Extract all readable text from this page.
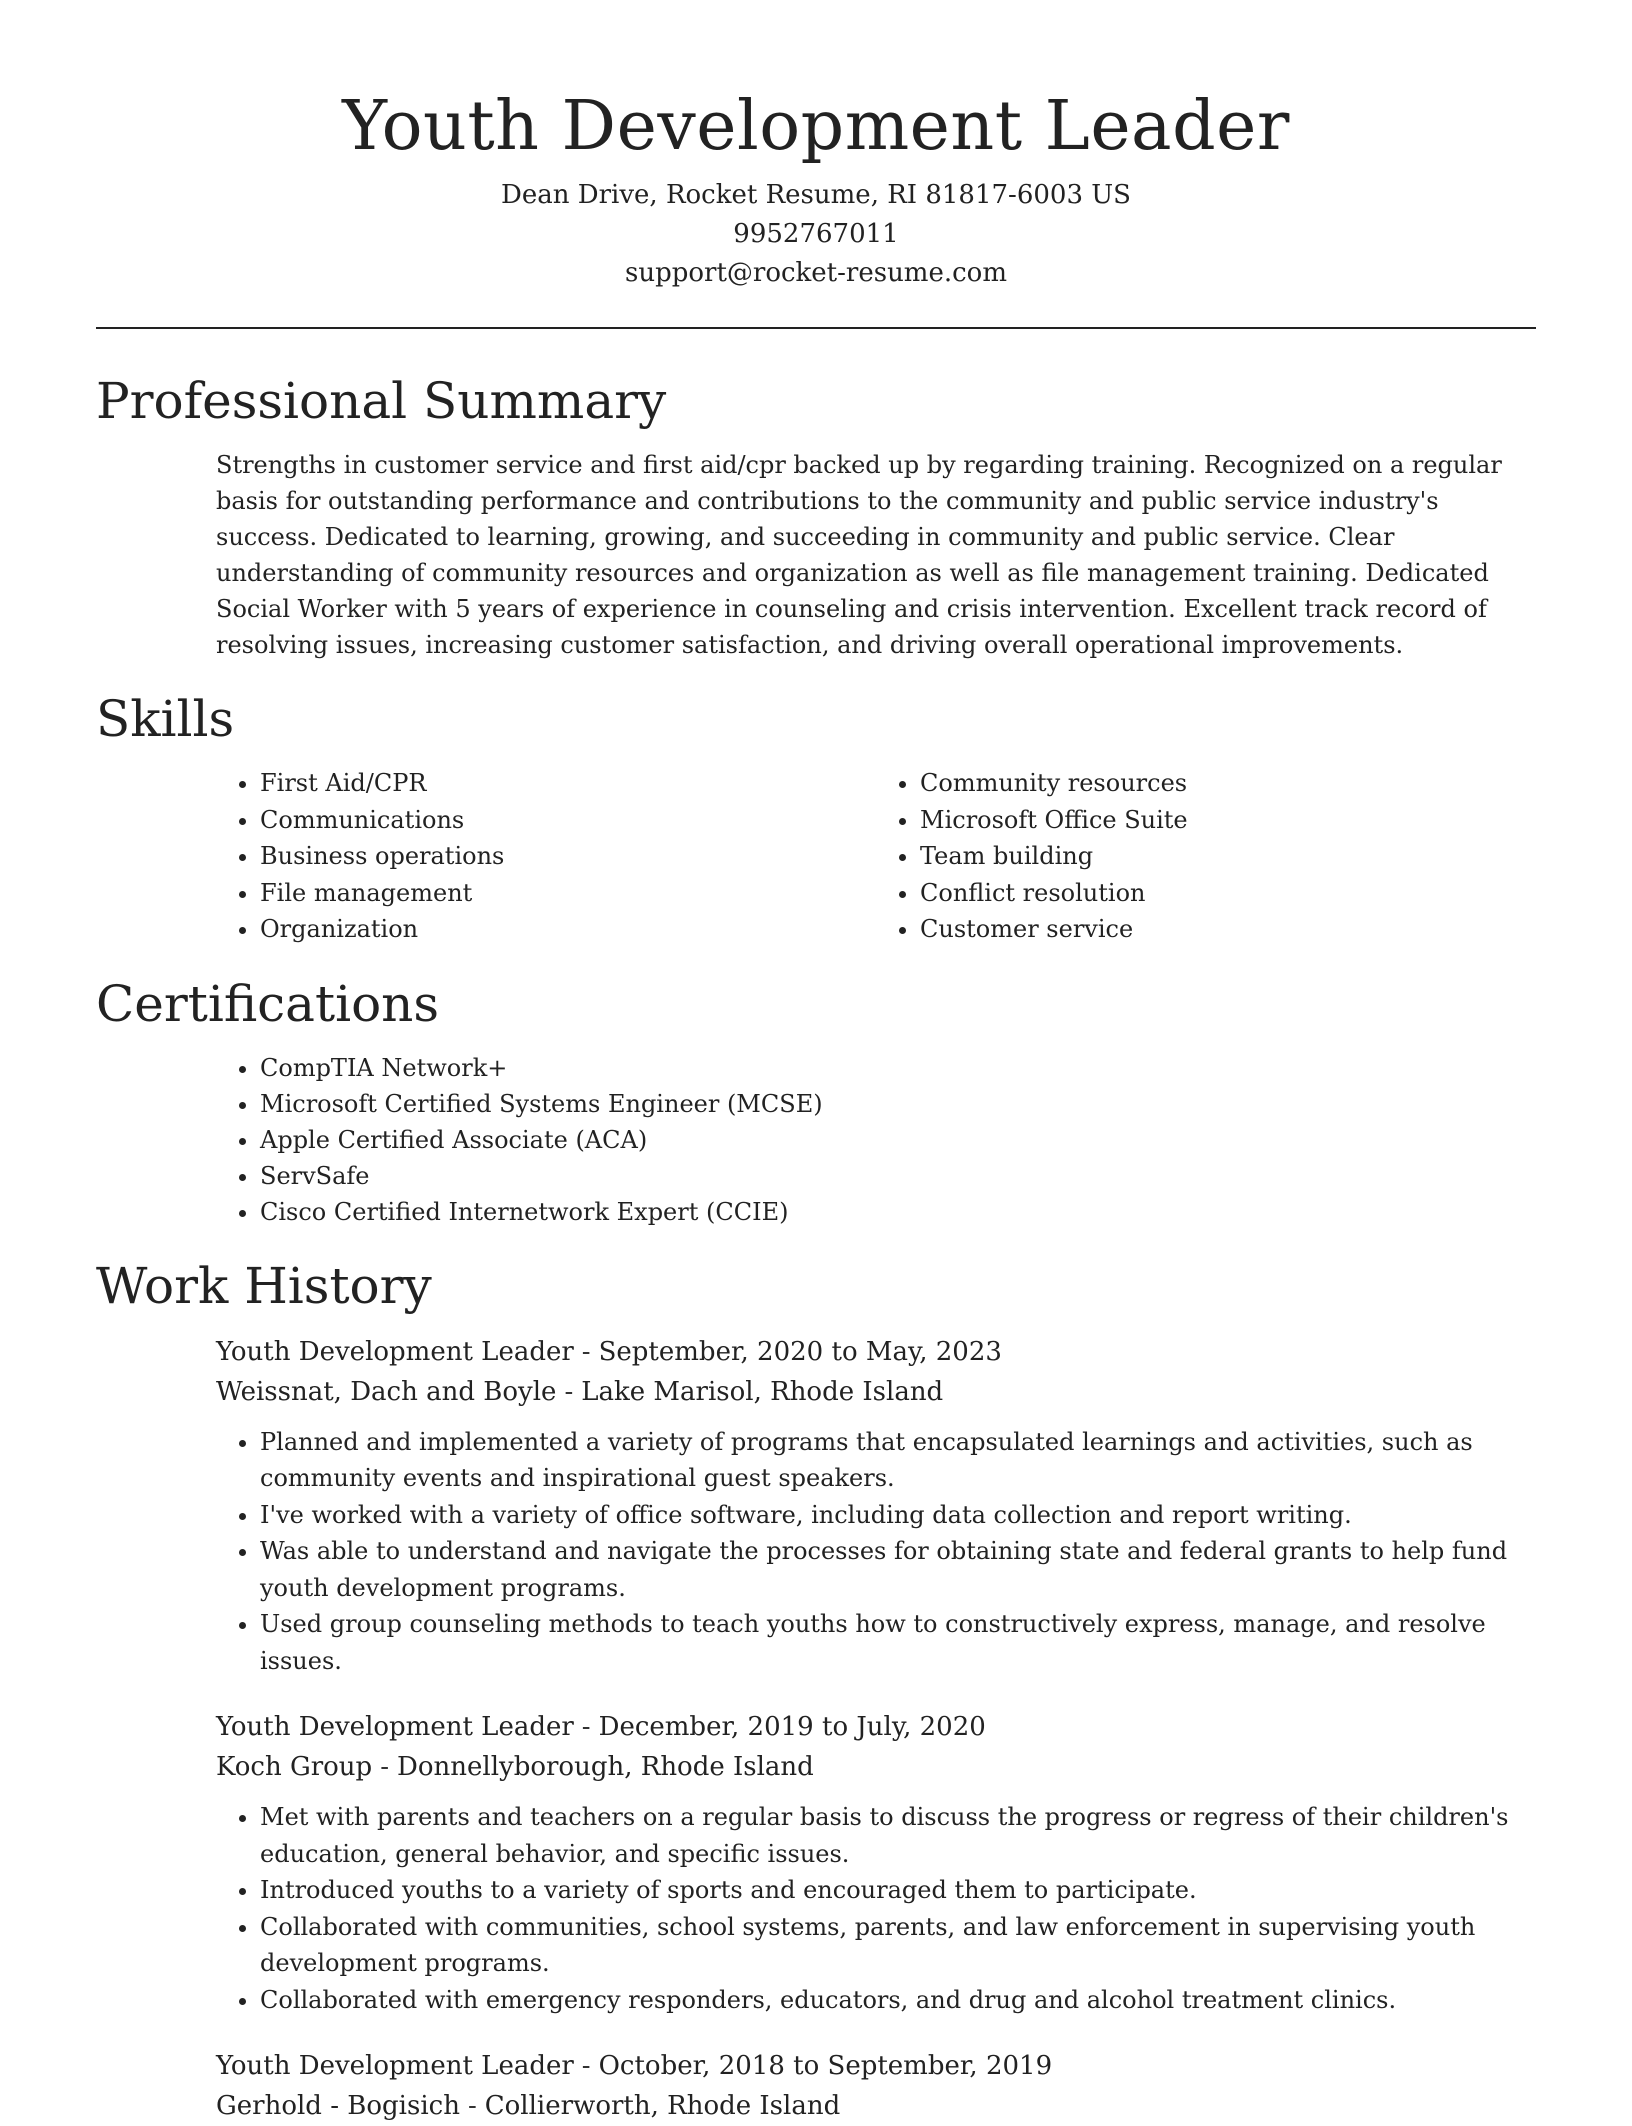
Youth Development Leader
Dean Drive, Rocket Resume, RI 81817-6003 US
9952767011
support@rocket-resume.com
Professional Summary

Strengths in customer service and first aid/cpr backed up by regarding training. Recognized on a regular basis for outstanding performance and contributions to the community and public service industry's success. Dedicated to learning, growing, and succeeding in community and public service. Clear understanding of community resources and organization as well as file management training. Dedicated Social Worker with 5 years of experience in counseling and crisis intervention. Excellent track record of resolving issues, increasing customer satisfaction, and driving overall operational improvements.

Skills
• First Aid/CPR
• Communications
• Business operations
• File management
• Organization
• Community resources
• Microsoft Office Suite
• Team building
• Conflict resolution
• Customer service
Certifications
• CompTIA Network+
• Microsoft Certified Systems Engineer (MCSE)
• Apple Certified Associate (ACA)
• ServSafe
• Cisco Certified Internetwork Expert (CCIE)
Work History
Youth Development Leader - September, 2020 to May, 2023
Weissnat, Dach and Boyle - Lake Marisol, Rhode Island
• Planned and implemented a variety of programs that encapsulated learnings and activities, such as community events and inspirational guest speakers.
• I've worked with a variety of office software, including data collection and report writing.
• Was able to understand and navigate the processes for obtaining state and federal grants to help fund youth development programs.
• Used group counseling methods to teach youths how to constructively express, manage, and resolve issues.
Youth Development Leader - December, 2019 to July, 2020
Koch Group - Donnellyborough, Rhode Island
• Met with parents and teachers on a regular basis to discuss the progress or regress of their children's education, general behavior, and specific issues.
• Introduced youths to a variety of sports and encouraged them to participate.
• Collaborated with communities, school systems, parents, and law enforcement in supervising youth development programs.
• Collaborated with emergency responders, educators, and drug and alcohol treatment clinics.
Youth Development Leader - October, 2018 to September, 2019
Gerhold - Bogisich - Collierworth, Rhode Island
